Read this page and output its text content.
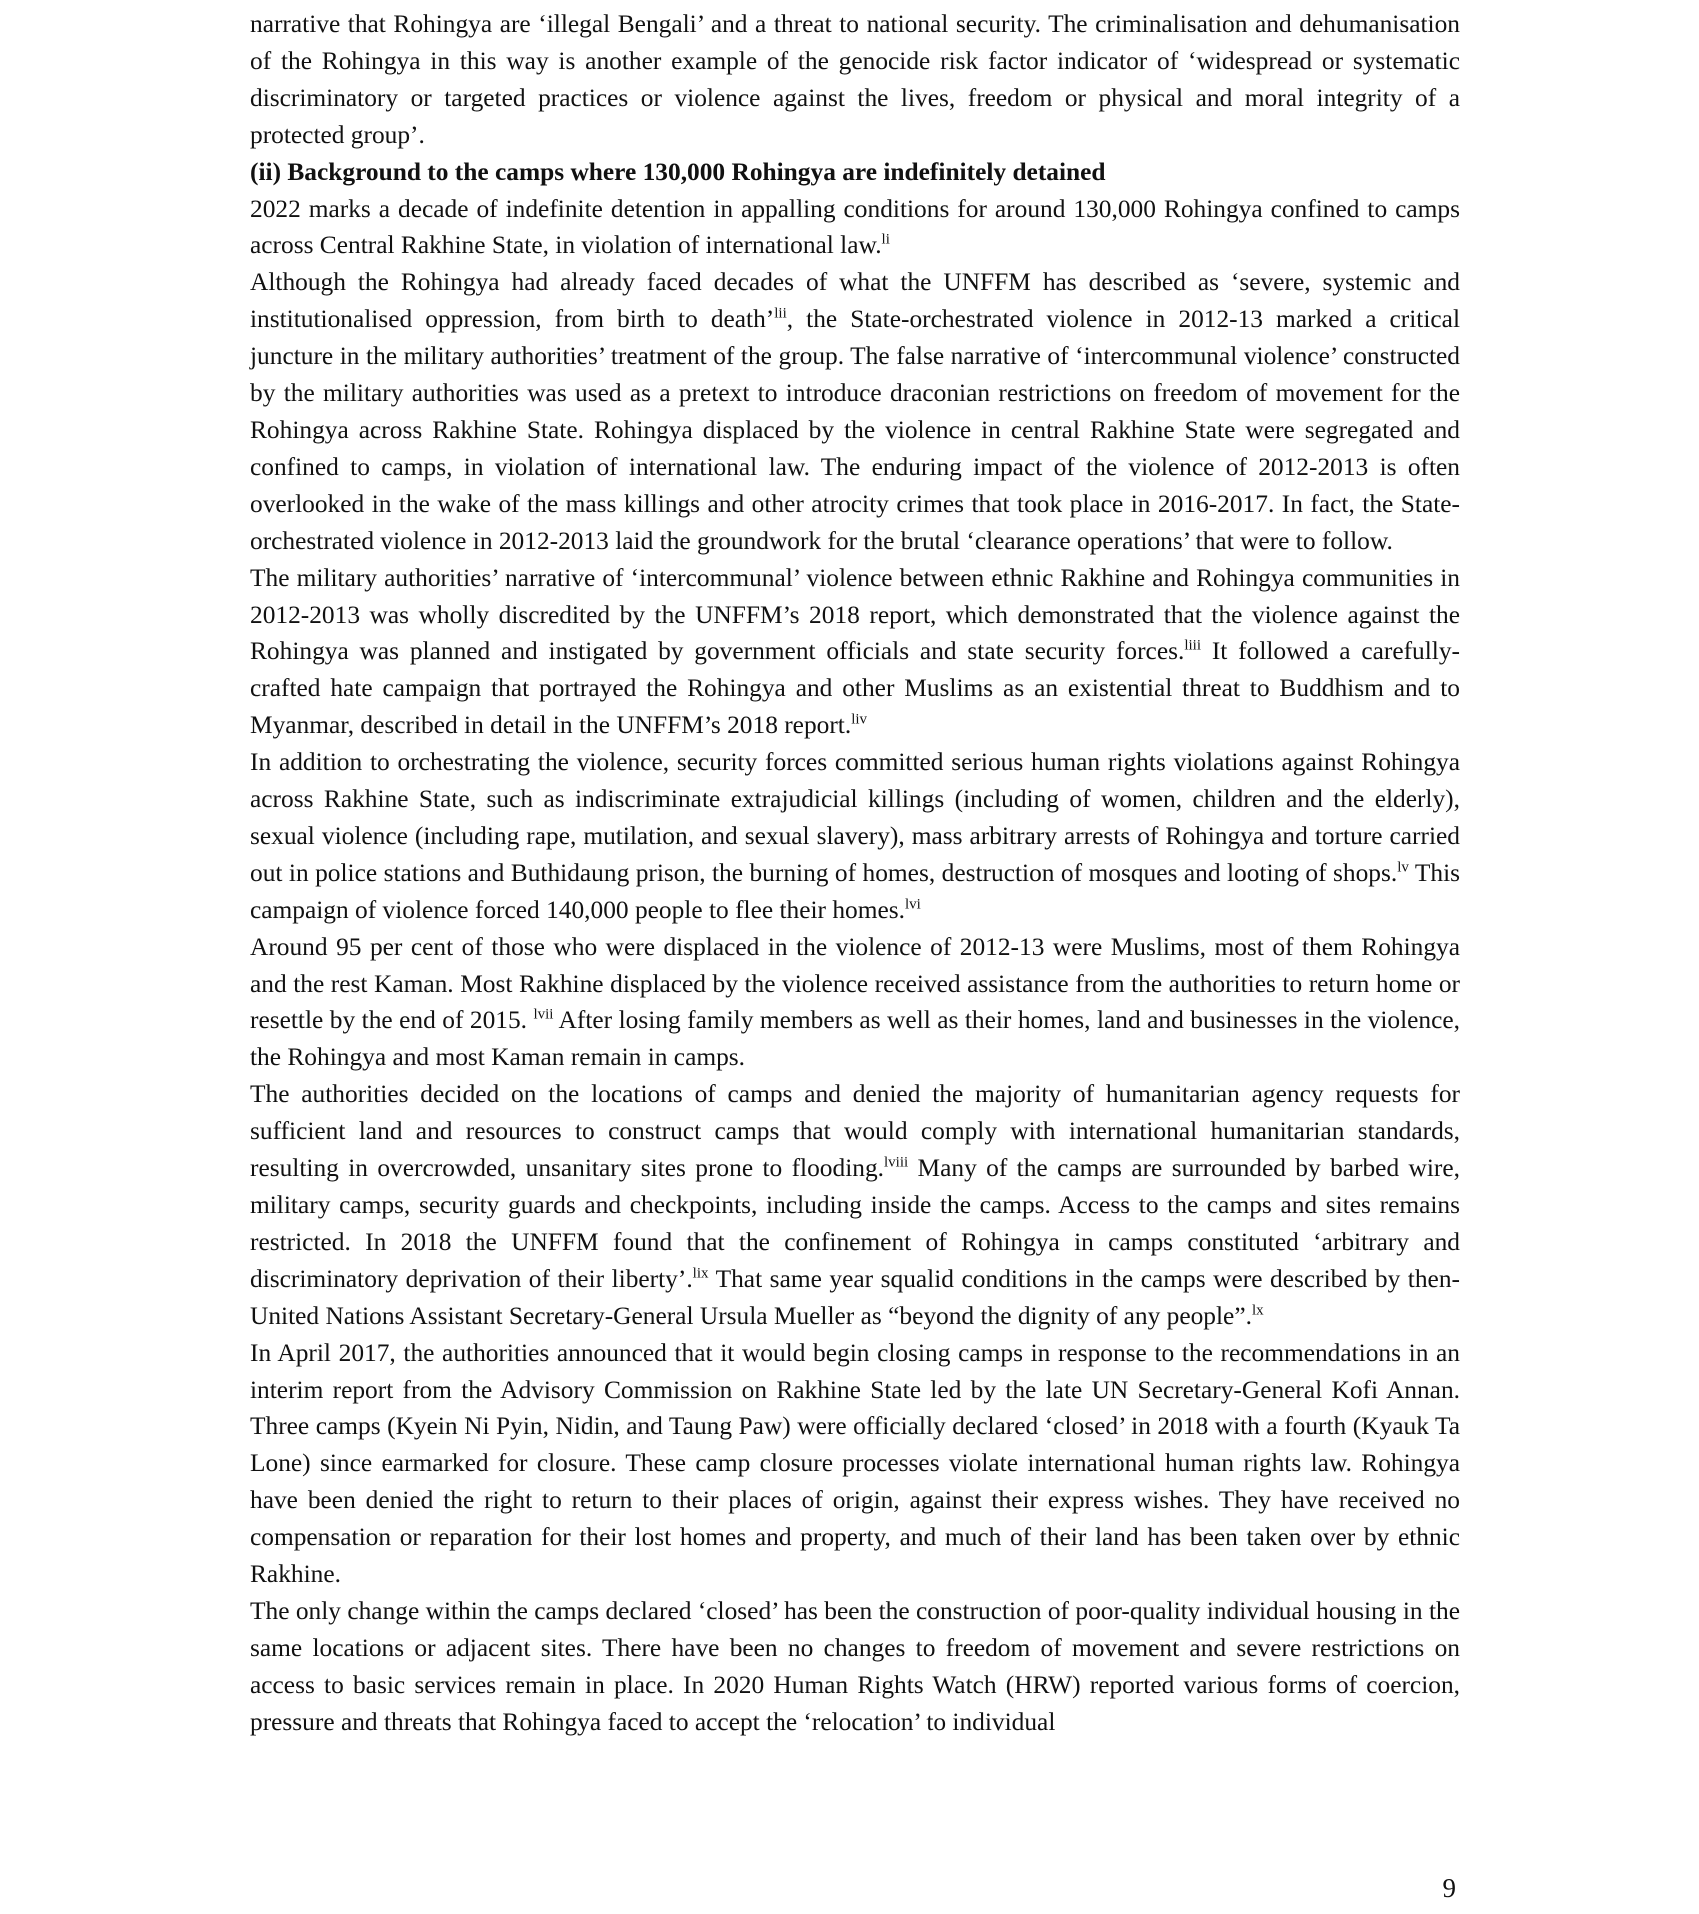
narrative that Rohingya are ‘illegal Bengali’ and a threat to national security. The criminalisation and dehumanisation of the Rohingya in this way is another example of the genocide risk factor indicator of ‘widespread or systematic discriminatory or targeted practices or violence against the lives, freedom or physical and moral integrity of a protected group’.

(ii) Background to the camps where 130,000 Rohingya are indefinitely detained

2022 marks a decade of indefinite detention in appalling conditions for around 130,000 Rohingya confined to camps across Central Rakhine State, in violation of international law.$^{li}$

Although the Rohingya had already faced decades of what the UNFFM has described as ‘severe, systemic and institutionalised oppression, from birth to death’$^{lii}$, the State-orchestrated violence in 2012-13 marked a critical juncture in the military authorities’ treatment of the group. The false narrative of ‘intercommunal violence’ constructed by the military authorities was used as a pretext to introduce draconian restrictions on freedom of movement for the Rohingya across Rakhine State. Rohingya displaced by the violence in central Rakhine State were segregated and confined to camps, in violation of international law. The enduring impact of the violence of 2012-2013 is often overlooked in the wake of the mass killings and other atrocity crimes that took place in 2016-2017. In fact, the State-orchestrated violence in 2012-2013 laid the groundwork for the brutal ‘clearance operations’ that were to follow.

The military authorities’ narrative of ‘intercommunal’ violence between ethnic Rakhine and Rohingya communities in 2012-2013 was wholly discredited by the UNFFM’s 2018 report, which demonstrated that the violence against the Rohingya was planned and instigated by government officials and state security forces.$^{liii}$ It followed a carefully-crafted hate campaign that portrayed the Rohingya and other Muslims as an existential threat to Buddhism and to Myanmar, described in detail in the UNFFM’s 2018 report.$^{liv}$

In addition to orchestrating the violence, security forces committed serious human rights violations against Rohingya across Rakhine State, such as indiscriminate extrajudicial killings (including of women, children and the elderly), sexual violence (including rape, mutilation, and sexual slavery), mass arbitrary arrests of Rohingya and torture carried out in police stations and Buthidaung prison, the burning of homes, destruction of mosques and looting of shops.$^{lv}$ This campaign of violence forced 140,000 people to flee their homes.$^{lvi}$

Around 95 per cent of those who were displaced in the violence of 2012-13 were Muslims, most of them Rohingya and the rest Kaman. Most Rakhine displaced by the violence received assistance from the authorities to return home or resettle by the end of 2015. $^{lvii}$ After losing family members as well as their homes, land and businesses in the violence, the Rohingya and most Kaman remain in camps.

The authorities decided on the locations of camps and denied the majority of humanitarian agency requests for sufficient land and resources to construct camps that would comply with international humanitarian standards, resulting in overcrowded, unsanitary sites prone to flooding.$^{lviii}$ Many of the camps are surrounded by barbed wire, military camps, security guards and checkpoints, including inside the camps. Access to the camps and sites remains restricted. In 2018 the UNFFM found that the confinement of Rohingya in camps constituted ‘arbitrary and discriminatory deprivation of their liberty’.$^{lix}$ That same year squalid conditions in the camps were described by then-United Nations Assistant Secretary-General Ursula Mueller as “beyond the dignity of any people”.$^{lx}$

In April 2017, the authorities announced that it would begin closing camps in response to the recommendations in an interim report from the Advisory Commission on Rakhine State led by the late UN Secretary-General Kofi Annan. Three camps (Kyein Ni Pyin, Nidin, and Taung Paw) were officially declared ‘closed’ in 2018 with a fourth (Kyauk Ta Lone) since earmarked for closure. These camp closure processes violate international human rights law. Rohingya have been denied the right to return to their places of origin, against their express wishes. They have received no compensation or reparation for their lost homes and property, and much of their land has been taken over by ethnic Rakhine.

The only change within the camps declared ‘closed’ has been the construction of poor-quality individual housing in the same locations or adjacent sites. There have been no changes to freedom of movement and severe restrictions on access to basic services remain in place. In 2020 Human Rights Watch (HRW) reported various forms of coercion, pressure and threats that Rohingya faced to accept the ‘relocation’ to individual

9
